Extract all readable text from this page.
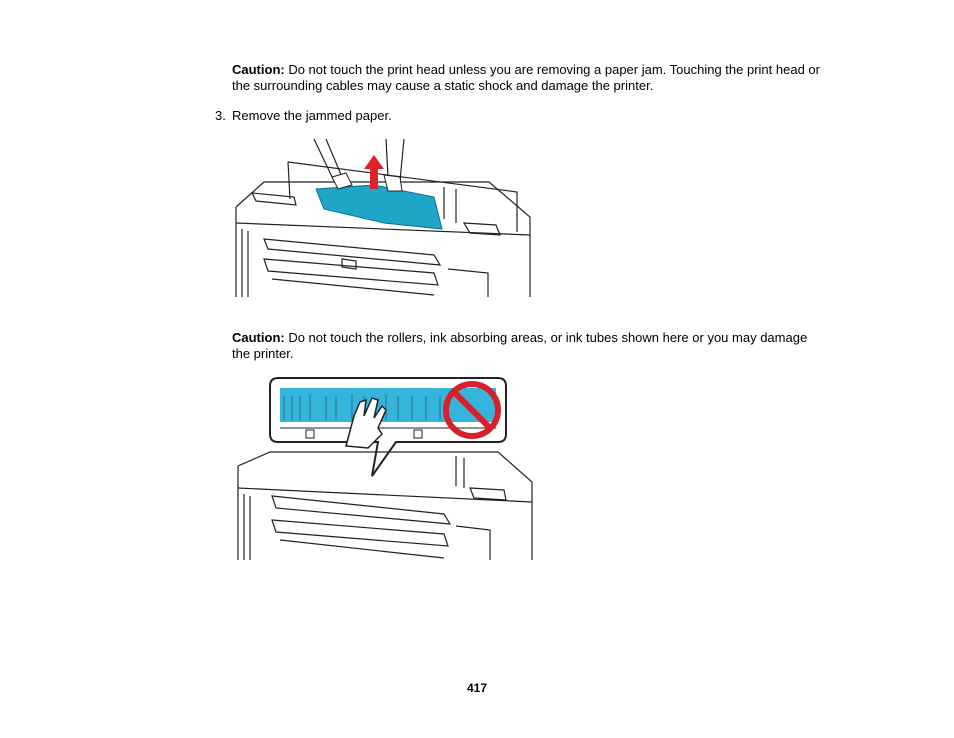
Caution: Do not touch the print head unless you are removing a paper jam. Touching the print head or the surrounding cables may cause a static shock and damage the printer.
3. Remove the jammed paper.
Caution: Do not touch the rollers, ink absorbing areas, or ink tubes shown here or you may damage the printer.
417
